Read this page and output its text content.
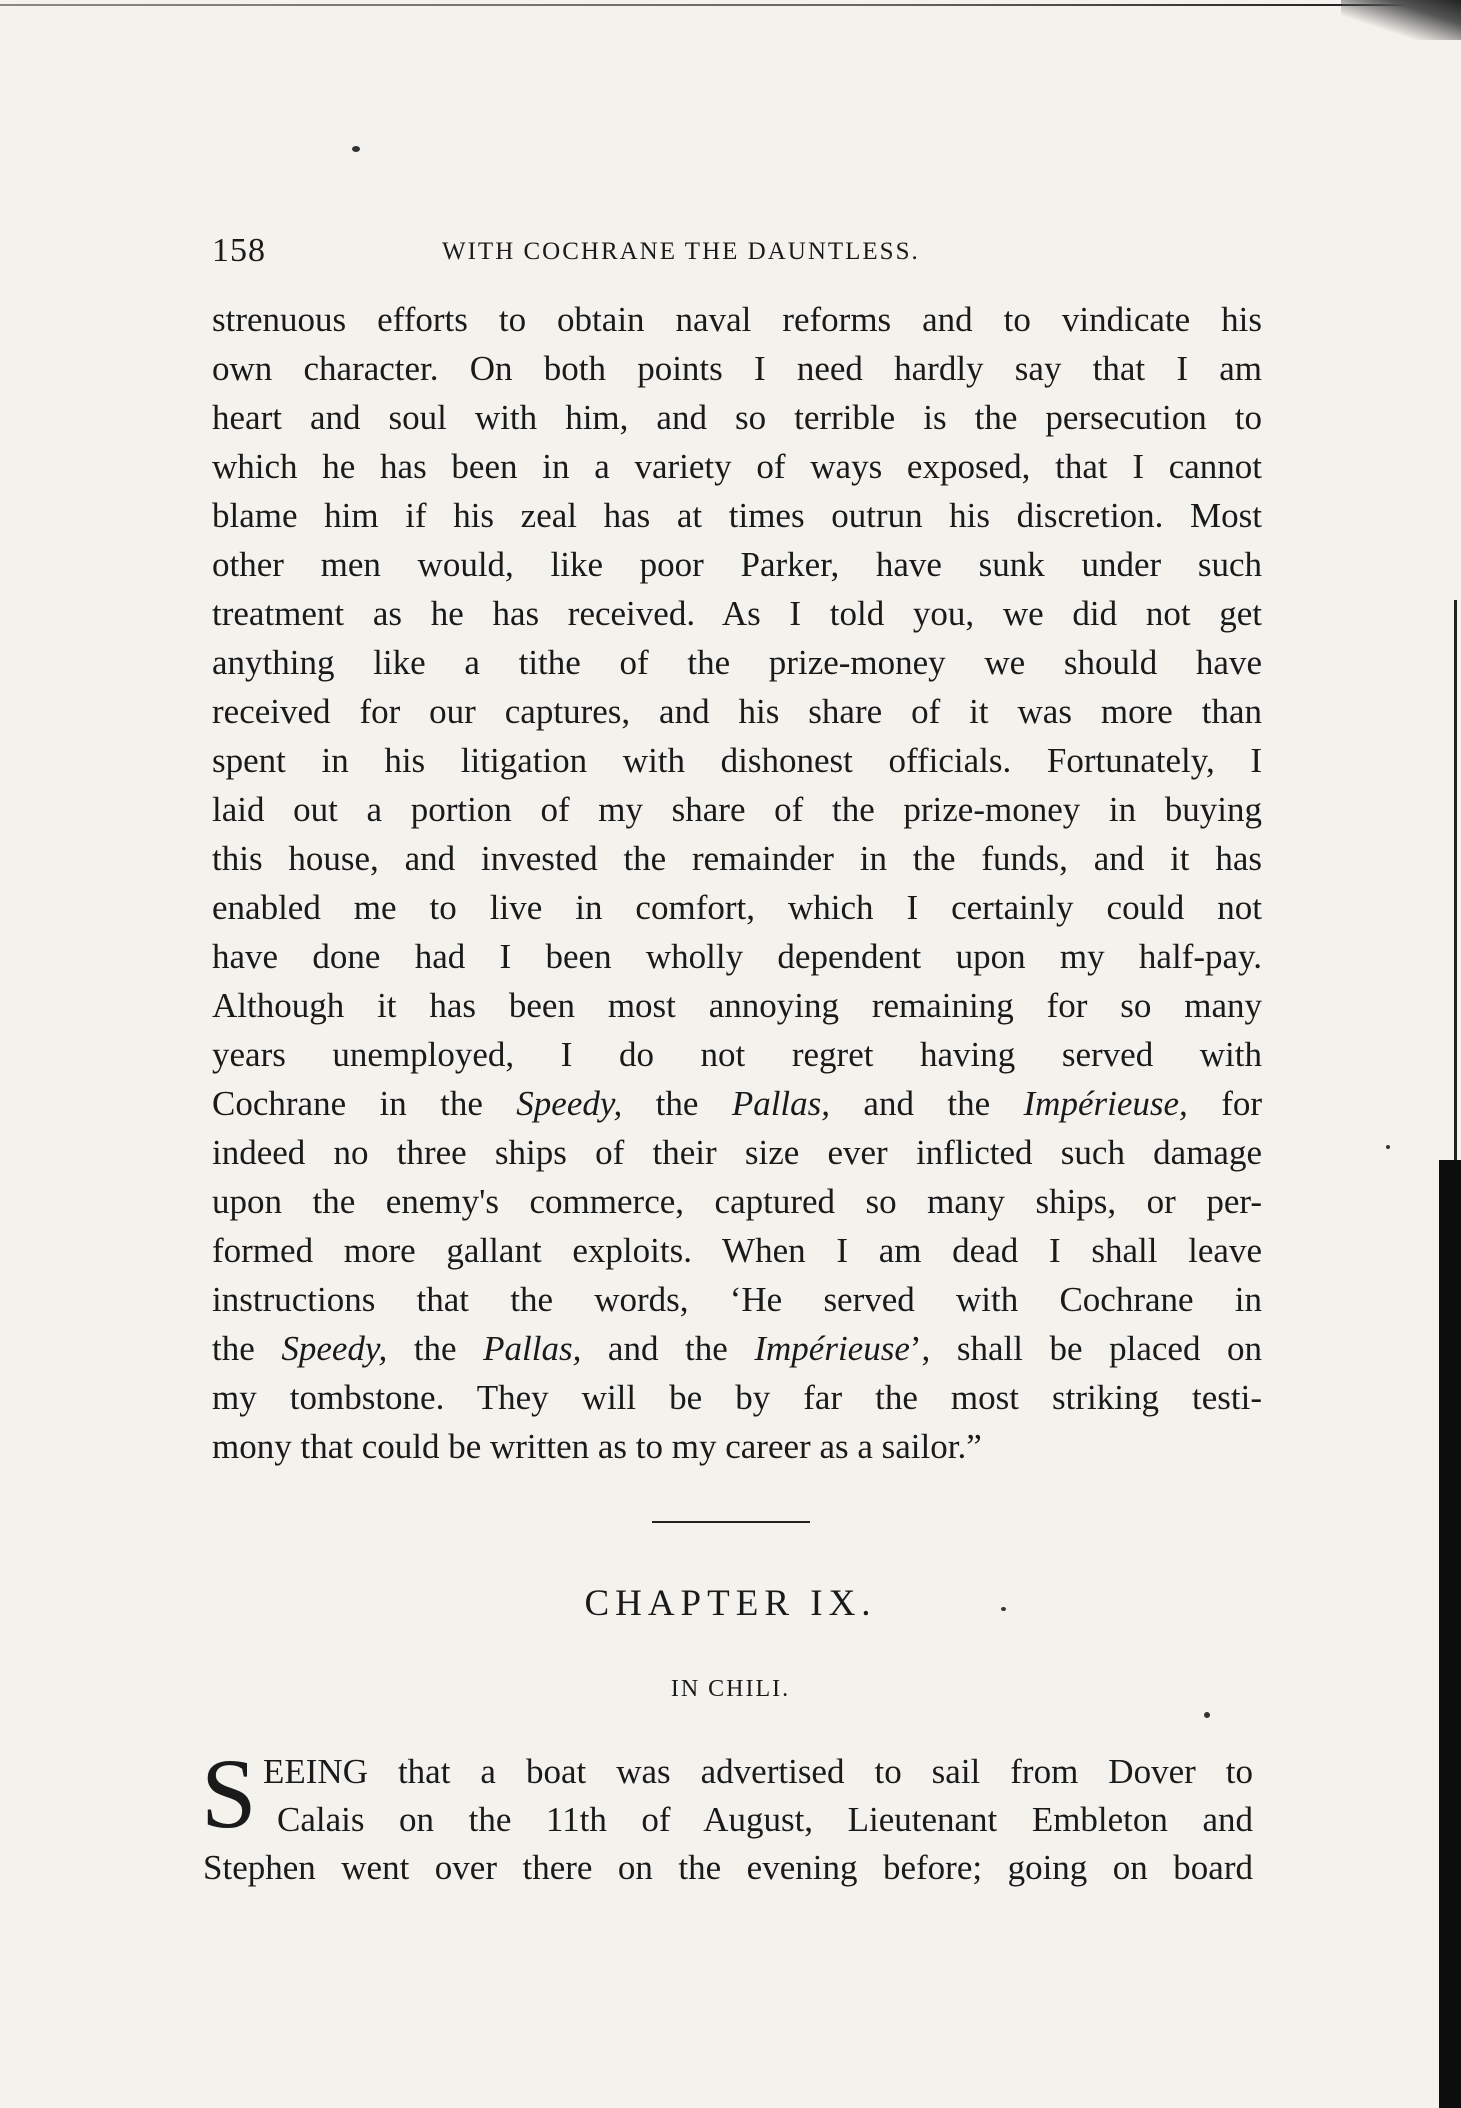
158	WITH COCHRANE THE DAUNTLESS.
strenuous efforts to obtain naval reforms and to vindicate his
own character. On both points I need hardly say that I am
heart and soul with him, and so terrible is the persecution to
which he has been in a variety of ways exposed, that I cannot
blame him if his zeal has at times outrun his discretion. Most
other men would, like poor Parker, have sunk under such
treatment as he has received. As I told you, we did not get
anything like a tithe of the prize-money we should have
received for our captures, and his share of it was more than
spent in his litigation with dishonest officials. Fortunately, I
laid out a portion of my share of the prize-money in buying
this house, and invested the remainder in the funds, and it has
enabled me to live in comfort, which I certainly could not
have done had I been wholly dependent upon my half-pay.
Although it has been most annoying remaining for so many
years unemployed, I do not regret having served with
Cochrane in the Speedy, the Pallas, and the Impérieuse, for
indeed no three ships of their size ever inflicted such damage
upon the enemy's commerce, captured so many ships, or per-
formed more gallant exploits. When I am dead I shall leave
instructions that the words, ‘He served with Cochrane in
the Speedy, the Pallas, and the Impérieuse’, shall be placed on
my tombstone. They will be by far the most striking testi-
mony that could be written as to my career as a sailor.”
CHAPTER IX.
IN CHILI.
S EEING that a boat was advertised to sail from Dover to
Calais on the 11th of August, Lieutenant Embleton and
Stephen went over there on the evening before; going on board
